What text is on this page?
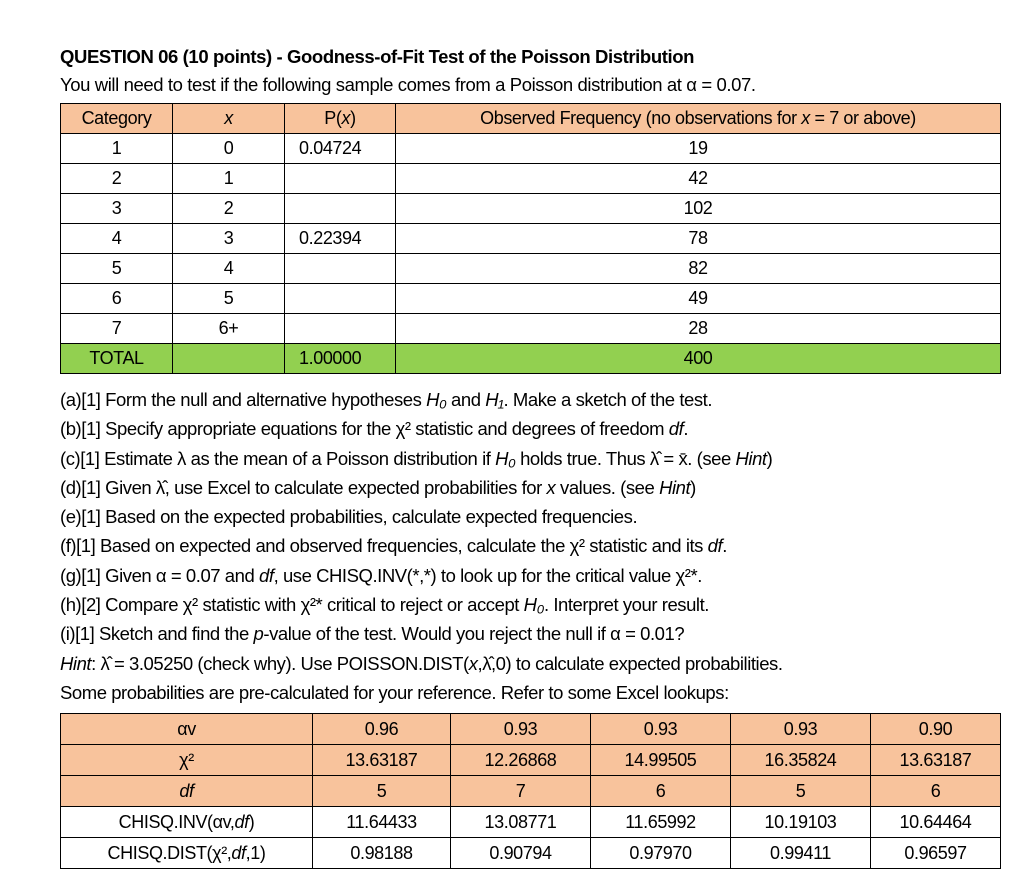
QUESTION 06 (10 points) - Goodness-of-Fit Test of the Poisson Distribution
You will need to test if the following sample comes from a Poisson distribution at α = 0.07.
Category	x	P(x)	Observed Frequency (no observations for x = 7 or above)
1	0	0.04724	19
2	1		42
3	2		102
4	3	0.22394	78
5	4		82
6	5		49
7	6+		28
TOTAL		1.00000	400
(a)[1] Form the null and alternative hypotheses H₀ and H₁. Make a sketch of the test.
(b)[1] Specify appropriate equations for the χ² statistic and degrees of freedom df.
(c)[1] Estimate λ as the mean of a Poisson distribution if H₀ holds true. Thus λ̂ = x̄. (see Hint)
(d)[1] Given λ̂, use Excel to calculate expected probabilities for x values. (see Hint)
(e)[1] Based on the expected probabilities, calculate expected frequencies.
(f)[1] Based on expected and observed frequencies, calculate the χ² statistic and its df.
(g)[1] Given α = 0.07 and df, use CHISQ.INV(*,*) to look up for the critical value χ²*.
(h)[2] Compare χ² statistic with χ²* critical to reject or accept H₀. Interpret your result.
(i)[1] Sketch and find the p-value of the test. Would you reject the null if α = 0.01?
Hint: λ̂ = 3.05250 (check why). Use POISSON.DIST(x,λ̂,0) to calculate expected probabilities.
Some probabilities are pre-calculated for your reference. Refer to some Excel lookups:
αv	0.96	0.93	0.93	0.93	0.90
χ²	13.63187	12.26868	14.99505	16.35824	13.63187
df	5	7	6	5	6
CHISQ.INV(αv,df)	11.64433	13.08771	11.65992	10.19103	10.64464
CHISQ.DIST(χ²,df,1)	0.98188	0.90794	0.97970	0.99411	0.96597
